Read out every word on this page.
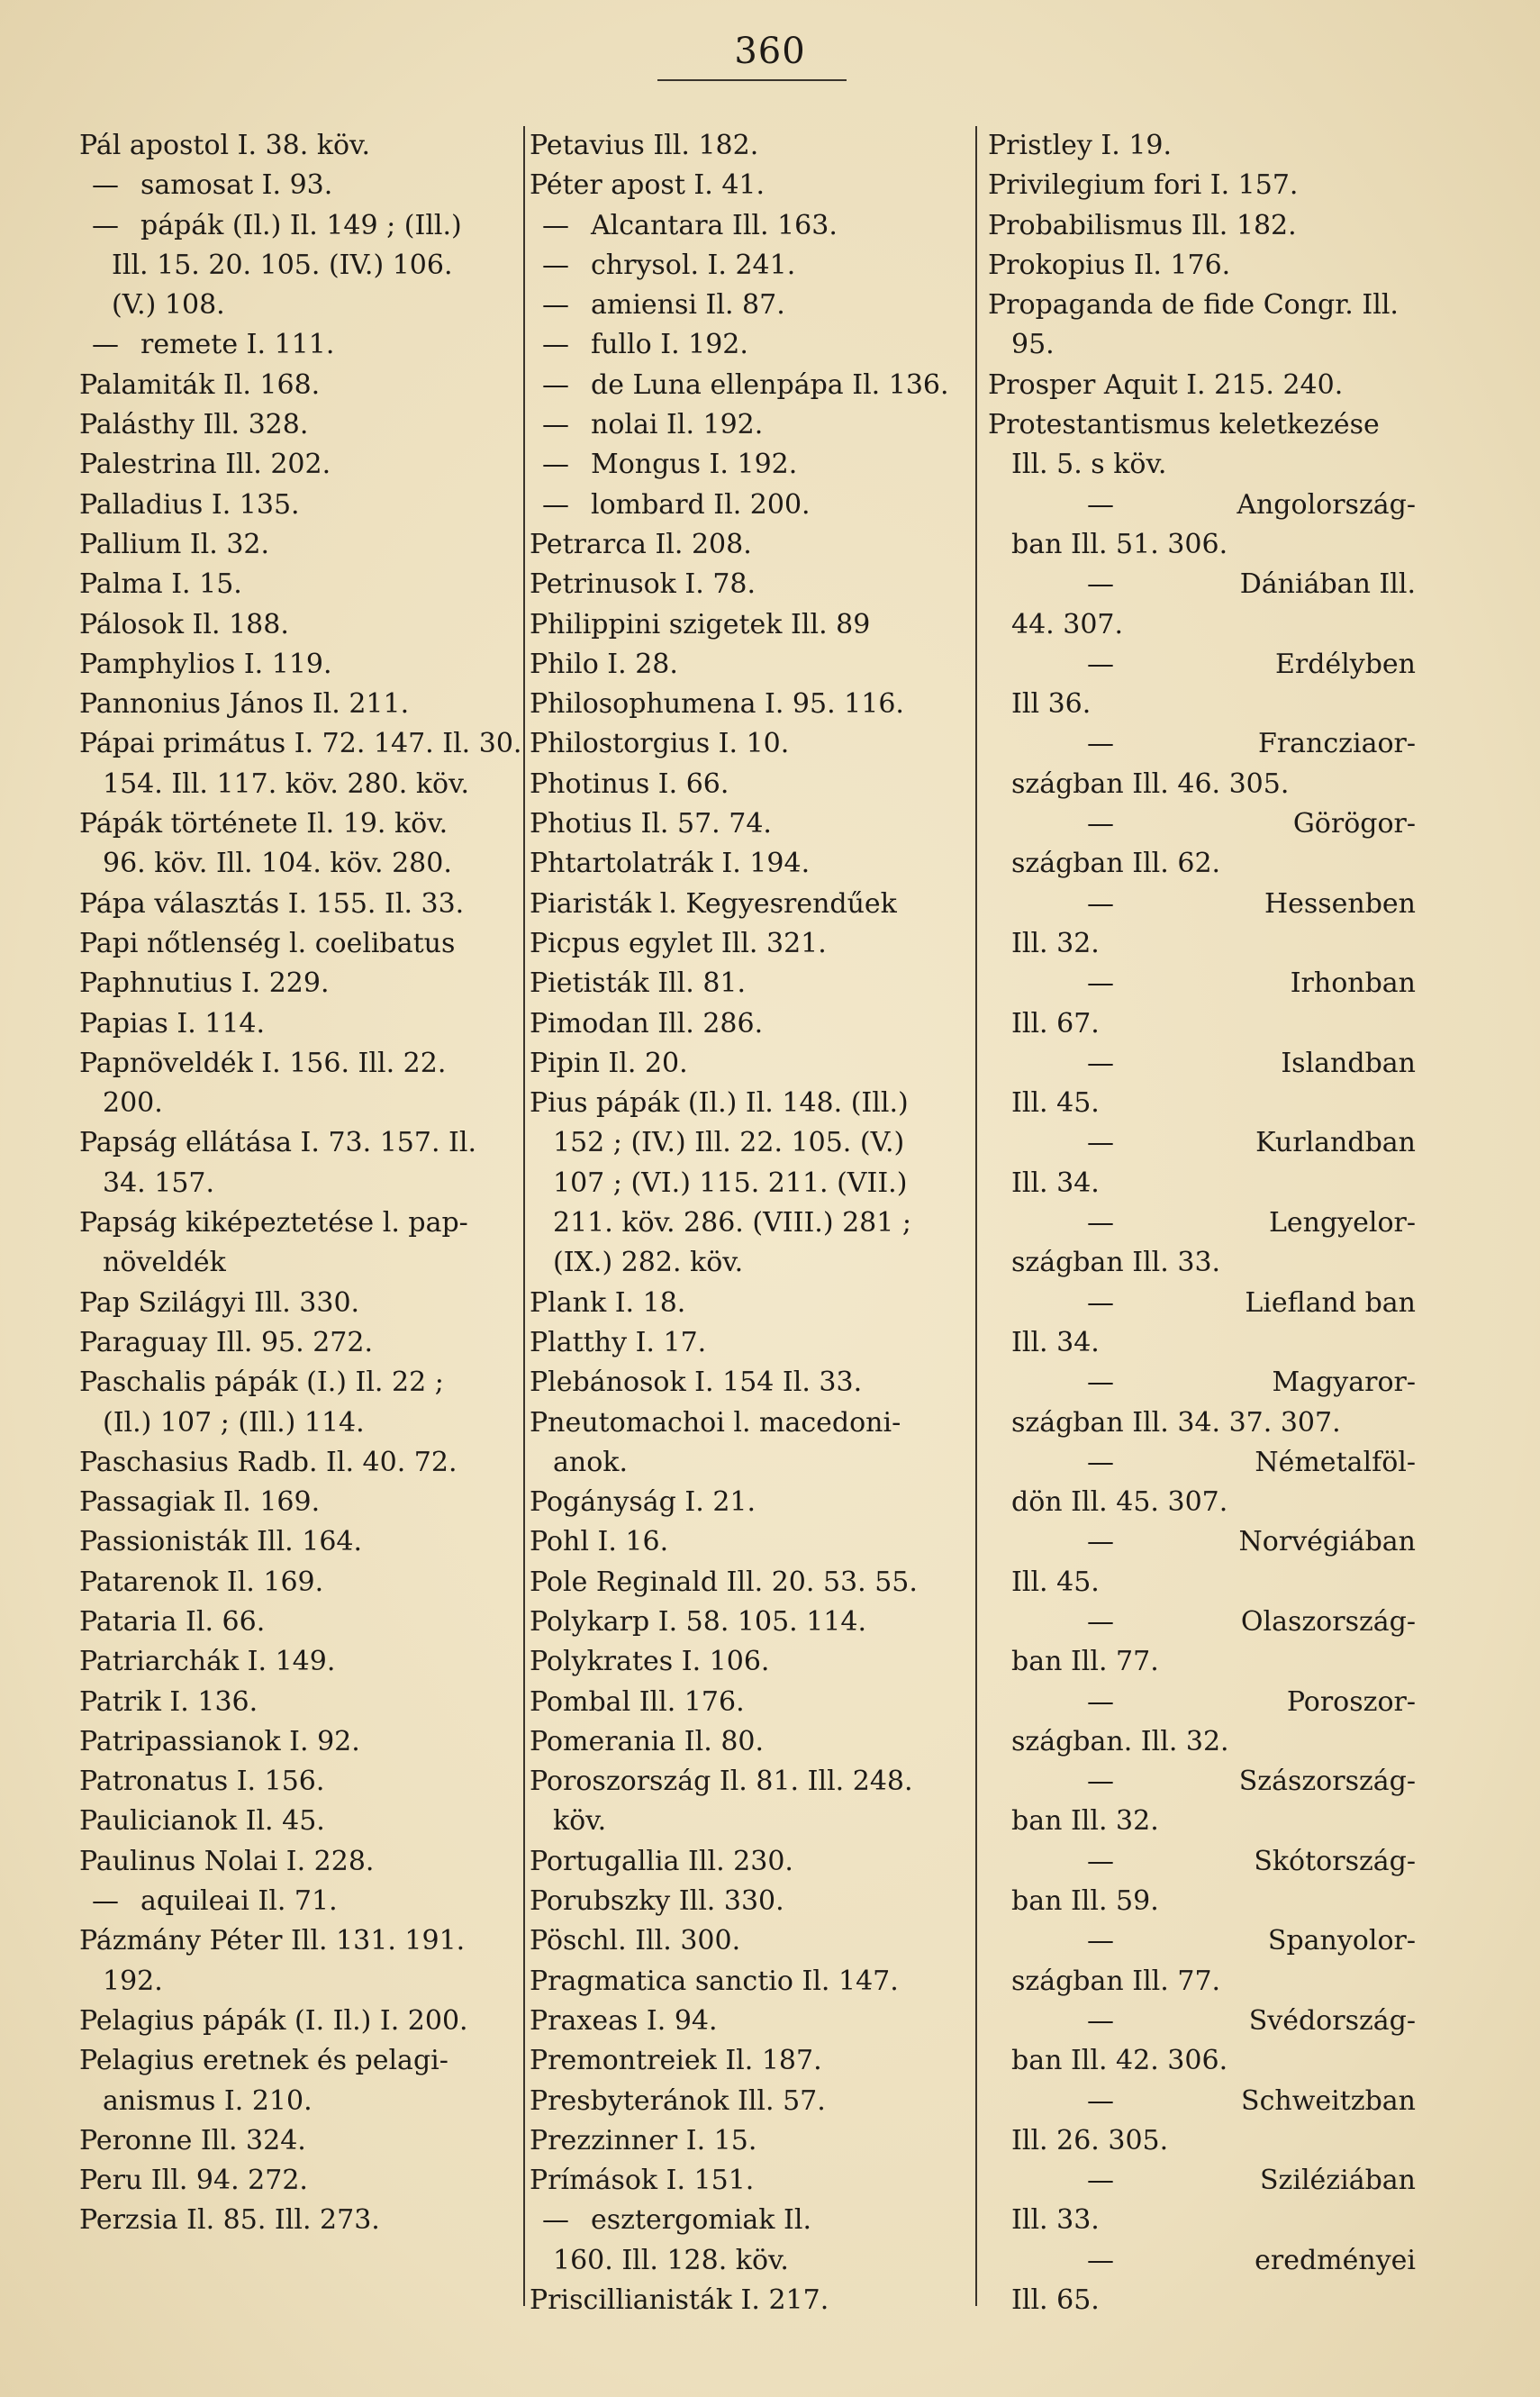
360
Pál apostol I. 38. köv.
— samosat I. 93.
— pápák (Il.) Il. 149 ; (Ill.)
Ill. 15. 20. 105. (IV.) 106.
(V.) 108.
— remete I. 111.
Palamiták Il. 168.
Palásthy Ill. 328.
Palestrina Ill. 202.
Palladius I. 135.
Pallium Il. 32.
Palma I. 15.
Pálosok Il. 188.
Pamphylios I. 119.
Pannonius János Il. 211.
Pápai primátus I. 72. 147. Il. 30.
154. Ill. 117. köv. 280. köv.
Pápák története Il. 19. köv.
96. köv. Ill. 104. köv. 280.
Pápa választás I. 155. Il. 33.
Papi nőtlenség l. coelibatus
Paphnutius I. 229.
Papias I. 114.
Papnöveldék I. 156. Ill. 22.
200.
Papság ellátása I. 73. 157. Il.
34. 157.
Papság kiképeztetése l. pap-
növeldék
Pap Szilágyi Ill. 330.
Paraguay Ill. 95. 272.
Paschalis pápák (I.) Il. 22 ;
(Il.) 107 ; (Ill.) 114.
Paschasius Radb. Il. 40. 72.
Passagiak Il. 169.
Passionisták Ill. 164.
Patarenok Il. 169.
Pataria Il. 66.
Patriarchák I. 149.
Patrik I. 136.
Patripassianok I. 92.
Patronatus I. 156.
Paulicianok Il. 45.
Paulinus Nolai I. 228.
— aquileai Il. 71.
Pázmány Péter Ill. 131. 191.
192.
Pelagius pápák (I. Il.) I. 200.
Pelagius eretnek és pelagi-
anismus I. 210.
Peronne Ill. 324.
Peru Ill. 94. 272.
Perzsia Il. 85. Ill. 273.
Petavius Ill. 182.
Péter apost I. 41.
— Alcantara Ill. 163.
— chrysol. I. 241.
— amiensi Il. 87.
— fullo I. 192.
— de Luna ellenpápa Il. 136.
— nolai Il. 192.
— Mongus I. 192.
— lombard Il. 200.
Petrarca Il. 208.
Petrinusok I. 78.
Philippini szigetek Ill. 89
Philo I. 28.
Philosophumena I. 95. 116.
Philostorgius I. 10.
Photinus I. 66.
Photius Il. 57. 74.
Phtartolatrák I. 194.
Piaristák l. Kegyesrendűek
Picpus egylet Ill. 321.
Pietisták Ill. 81.
Pimodan Ill. 286.
Pipin Il. 20.
Pius pápák (Il.) Il. 148. (Ill.)
152 ; (IV.) Ill. 22. 105. (V.)
107 ; (VI.) 115. 211. (VII.)
211. köv. 286. (VIII.) 281 ;
(IX.) 282. köv.
Plank I. 18.
Platthy I. 17.
Plebánosok I. 154 Il. 33.
Pneutomachoi l. macedoni-
anok.
Pogányság I. 21.
Pohl I. 16.
Pole Reginald Ill. 20. 53. 55.
Polykarp I. 58. 105. 114.
Polykrates I. 106.
Pombal Ill. 176.
Pomerania Il. 80.
Poroszország Il. 81. Ill. 248.
köv.
Portugallia Ill. 230.
Porubszky Ill. 330.
Pöschl. Ill. 300.
Pragmatica sanctio Il. 147.
Praxeas I. 94.
Premontreiek Il. 187.
Presbyteránok Ill. 57.
Prezzinner I. 15.
Prímások I. 151.
— esztergomiak Il.
160. Ill. 128. köv.
Priscillianisták I. 217.
Pristley I. 19.
Privilegium fori I. 157.
Probabilismus Ill. 182.
Prokopius Il. 176.
Propaganda de fide Congr. Ill.
95.
Prosper Aquit I. 215. 240.
Protestantismus keletkezése
Ill. 5. s köv.
—	Angolország-
ban Ill. 51. 306.
—	Dániában Ill.
44. 307.
—	Erdélyben
Ill 36.
—	Francziaor-
szágban Ill. 46. 305.
—	Görögor-
szágban Ill. 62.
—	Hessenben
Ill. 32.
—	Irhonban
Ill. 67.
—	Islandban
Ill. 45.
—	Kurlandban
Ill. 34.
—	Lengyelor-
szágban Ill. 33.
—	Liefland ban
Ill. 34.
—	Magyaror-
szágban Ill. 34. 37. 307.
—	Németalföl-
dön Ill. 45. 307.
—	Norvégiában
Ill. 45.
—	Olaszország-
ban Ill. 77.
—	Poroszor-
szágban. Ill. 32.
—	Szászország-
ban Ill. 32.
—	Skótország-
ban Ill. 59.
—	Spanyolor-
szágban Ill. 77.
—	Svédország-
ban Ill. 42. 306.
—	Schweitzban
Ill. 26. 305.
—	Sziléziában
Ill. 33.
—	eredményei
Ill. 65.
